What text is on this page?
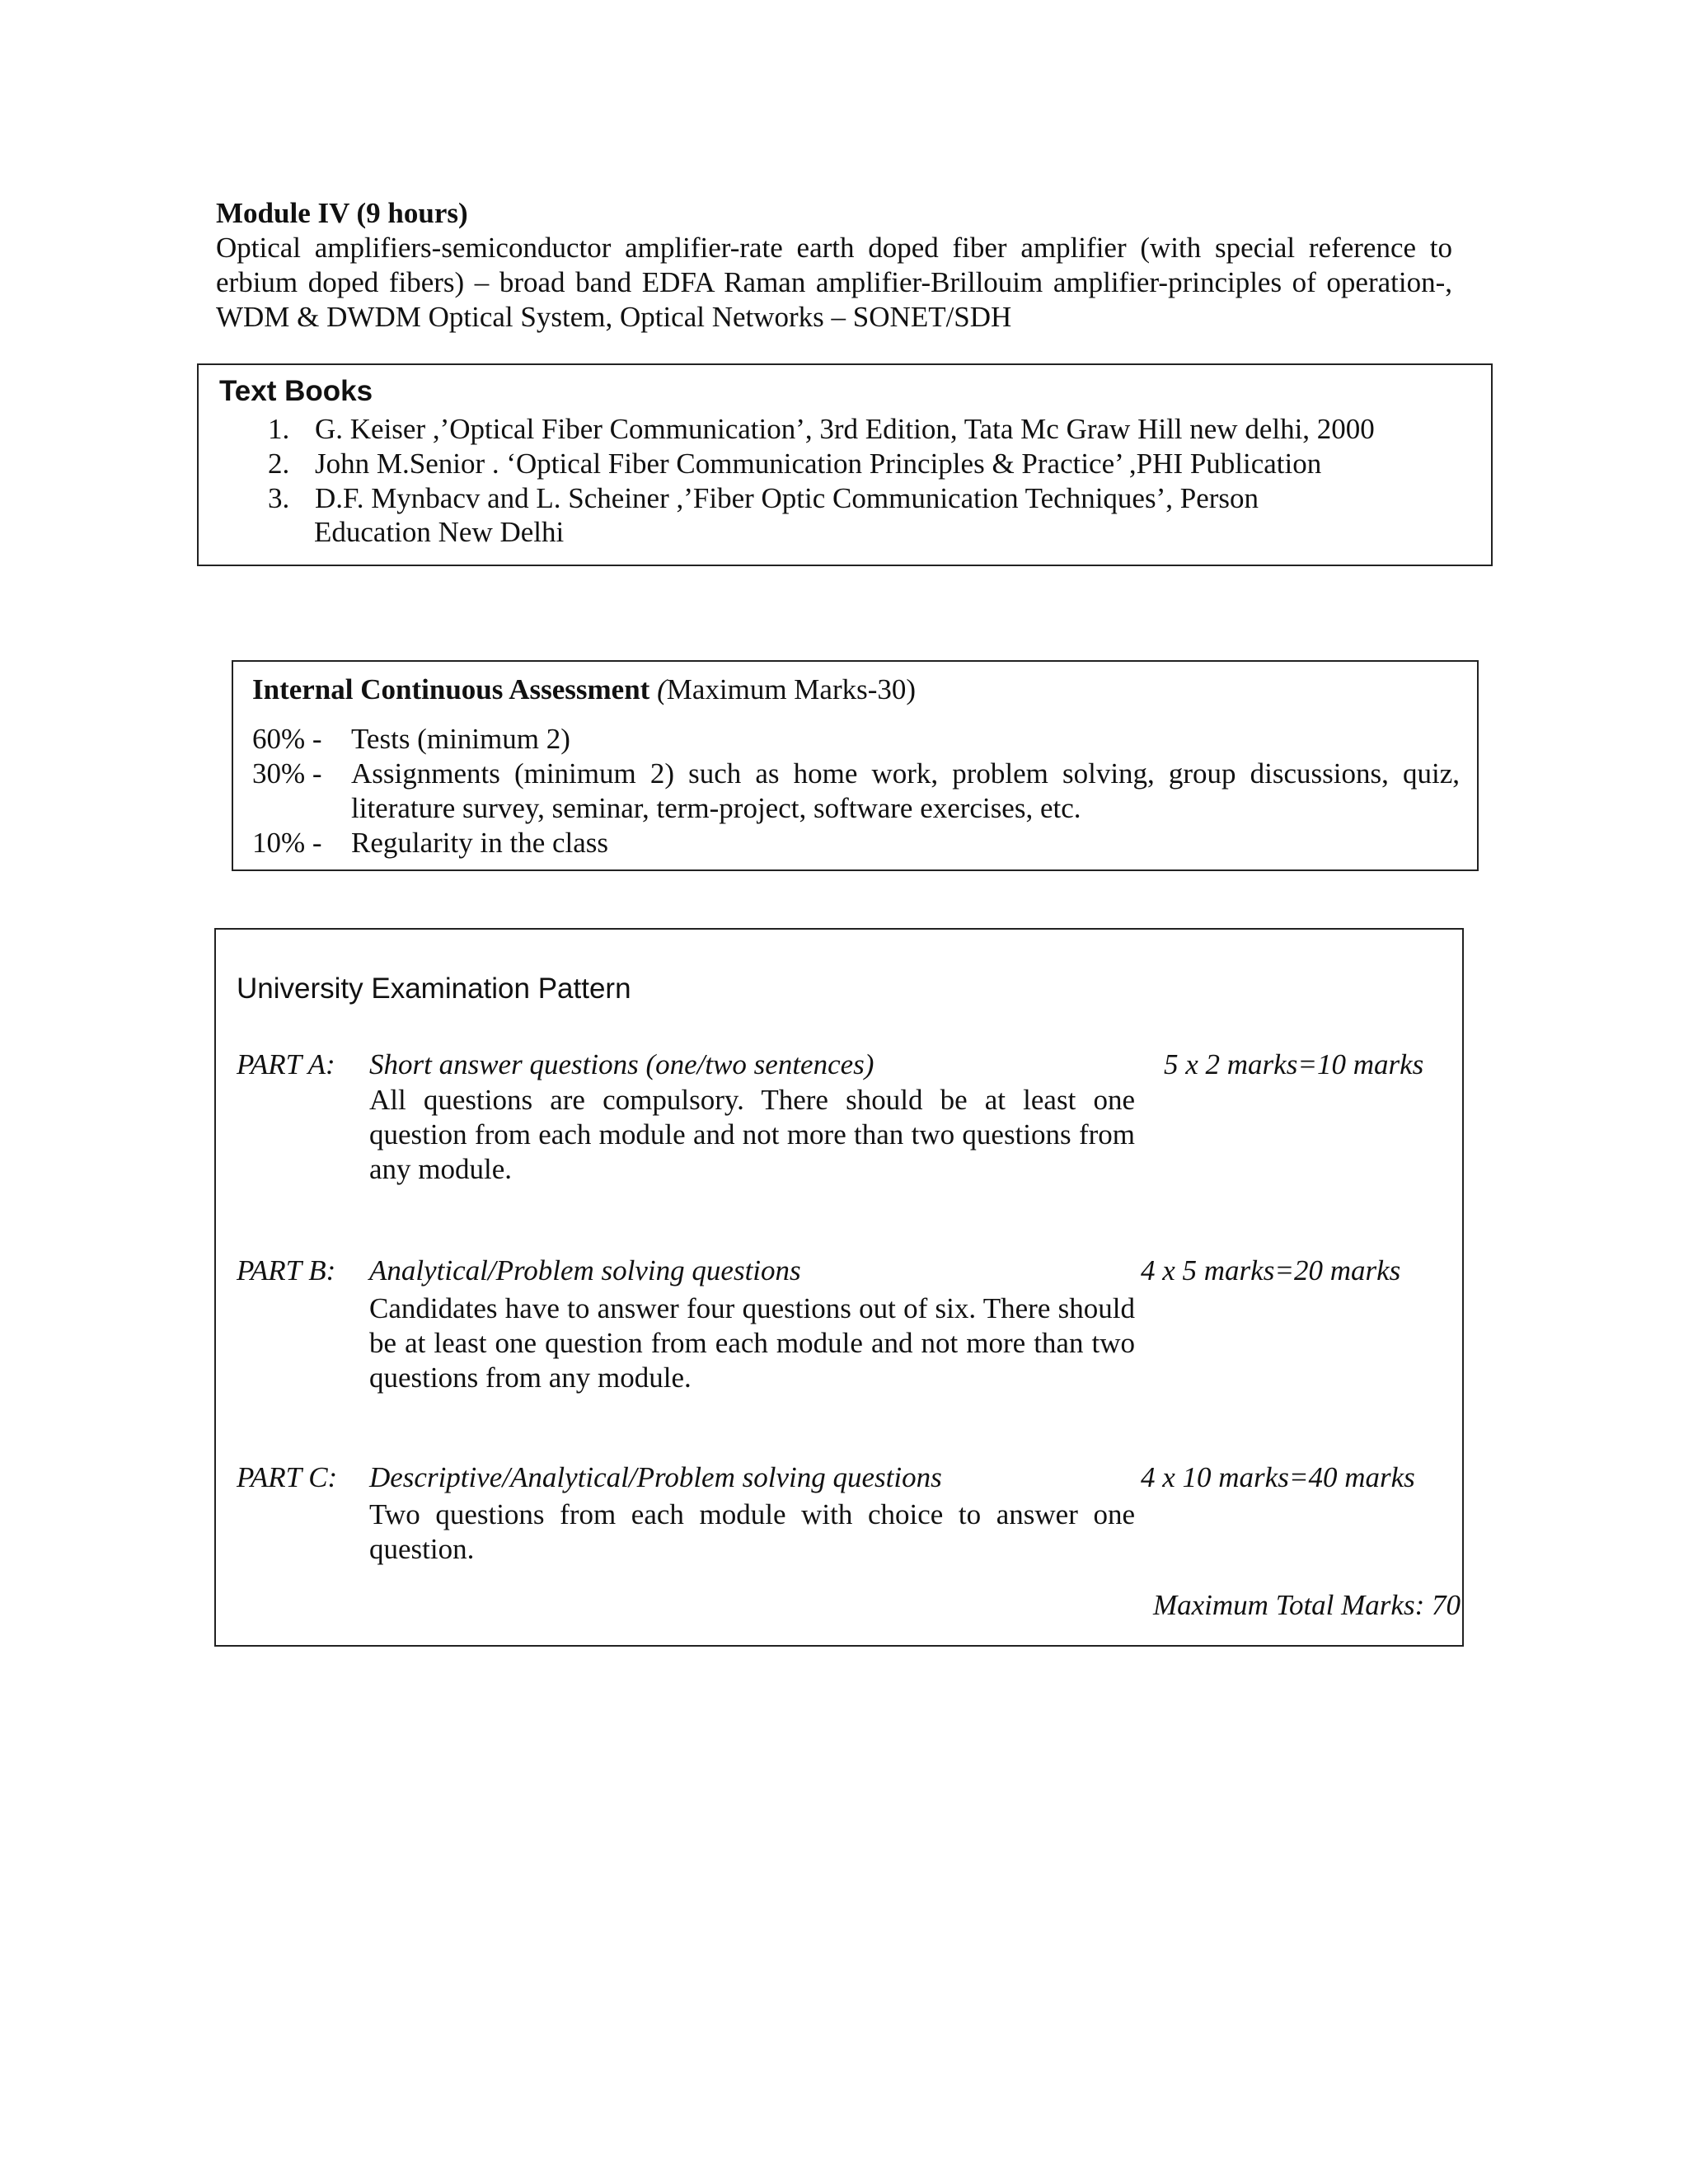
Module IV (9 hours)
Optical amplifiers-semiconductor amplifier-rate earth doped fiber amplifier (with special reference to erbium doped fibers) – broad band EDFA Raman amplifier-Brillouim amplifier-principles of operation-, WDM & DWDM Optical System, Optical Networks – SONET/SDH
Text Books
1. G. Keiser ,’Optical Fiber Communication’, 3rd Edition, Tata Mc Graw Hill new delhi, 2000
2. John M.Senior . ‘Optical Fiber Communication Principles & Practice’ ,PHI Publication
3. D.F. Mynbacv and L. Scheiner ,’Fiber Optic Communication Techniques’, Person
Education New Delhi
Internal Continuous Assessment (Maximum Marks-30)
60% - Tests (minimum 2)
30% - Assignments (minimum 2) such as home work, problem solving, group discussions, quiz, literature survey, seminar, term-project, software exercises, etc.
10% - Regularity in the class
University Examination Pattern
PART A: Short answer questions (one/two sentences)	5 x 2 marks=10 marks
All questions are compulsory. There should be at least one question from each module and not more than two questions from any module.
PART B: Analytical/Problem solving questions	4 x 5 marks=20 marks
Candidates have to answer four questions out of six. There should be at least one question from each module and not more than two questions from any module.
PART C: Descriptive/Analytical/Problem solving questions	4 x 10 marks=40 marks
Two questions from each module with choice to answer one question.
Maximum Total Marks: 70
